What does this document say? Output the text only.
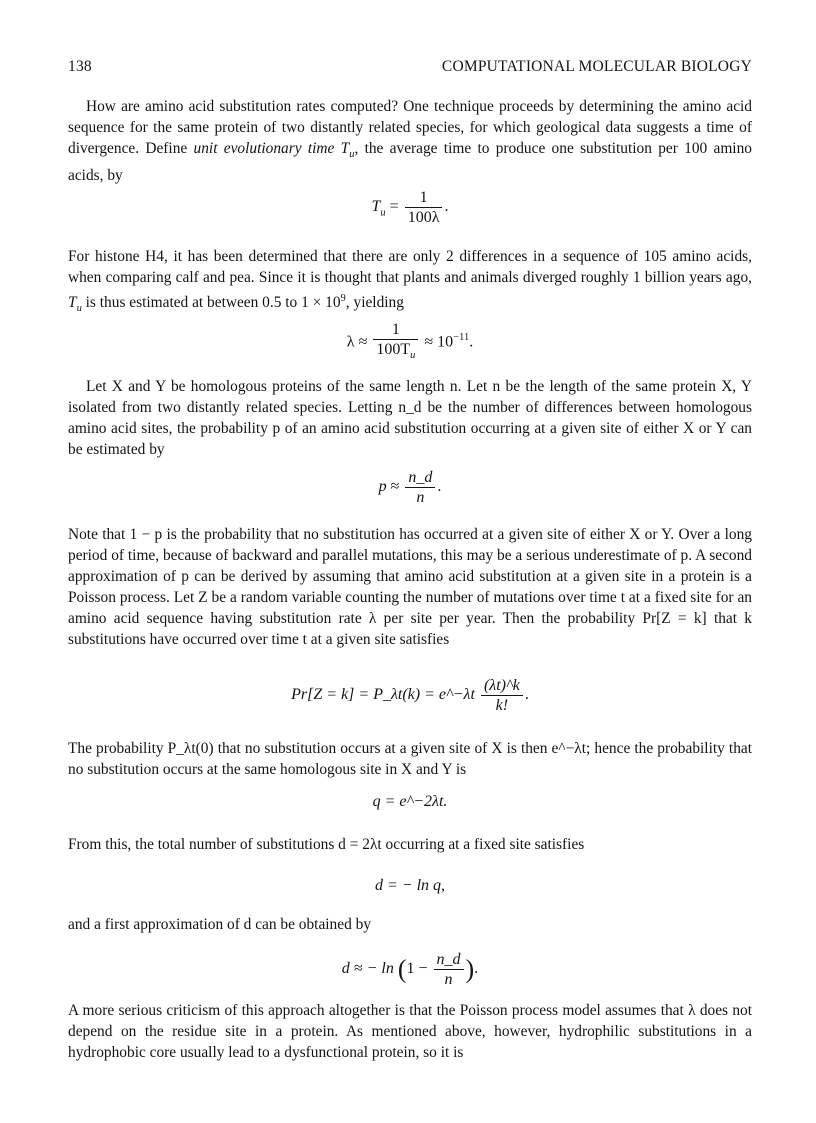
138	COMPUTATIONAL MOLECULAR BIOLOGY
How are amino acid substitution rates computed? One technique proceeds by determining the amino acid sequence for the same protein of two distantly related species, for which geological data suggests a time of divergence. Define unit evolutionary time $T_u$, the average time to produce one substitution per 100 amino acids, by
$T_u = \frac{1}{100\lambda}$ .
For histone H4, it has been determined that there are only 2 differences in a sequence of 105 amino acids, when comparing calf and pea. Since it is thought that plants and animals diverged roughly 1 billion years ago, $T_u$ is thus estimated at between 0.5 to $1 \times 10^9$, yielding
$\lambda \approx \frac{1}{100T_u} \approx 10^{-11}$.
Let X and Y be homologous proteins of the same length n. Let n be the length of the same protein X, Y isolated from two distantly related species. Letting n_d be the number of differences between homologous amino acid sites, the probability p of an amino acid substitution occurring at a given site of either X or Y can be estimated by
$p \approx \frac{n\_d}{n}$ .
Note that 1 − p is the probability that no substitution has occurred at a given site of either X or Y. Over a long period of time, because of backward and parallel mutations, this may be a serious underestimate of p. A second approximation of p can be derived by assuming that amino acid substitution at a given site in a protein is a Poisson process. Let Z be a random variable counting the number of mutations over time t at a fixed site for an amino acid sequence having substitution rate λ per site per year. Then the probability Pr[Z = k] that k substitutions have occurred over time t at a given site satisfies
Pr[Z = k] = P_λt(k) = e^−λt $\frac{(\lambda t)\^{}k}{k!}$ .
The probability P_λt(0) that no substitution occurs at a given site of X is then e^−λt; hence the probability that no substitution occurs at the same homologous site in X and Y is
q = e^−2λt.
From this, the total number of substitutions d = 2λt occurring at a fixed site satisfies
d = − ln q,
and a first approximation of d can be obtained by
d ≈ − $\ln (1 - \frac{n\_d}{n}$ ).
A more serious criticism of this approach altogether is that the Poisson process model assumes that λ does not depend on the residue site in a protein. As mentioned above, however, hydrophilic substitutions in a hydrophobic core usually lead to a dysfunctional protein, so it is
